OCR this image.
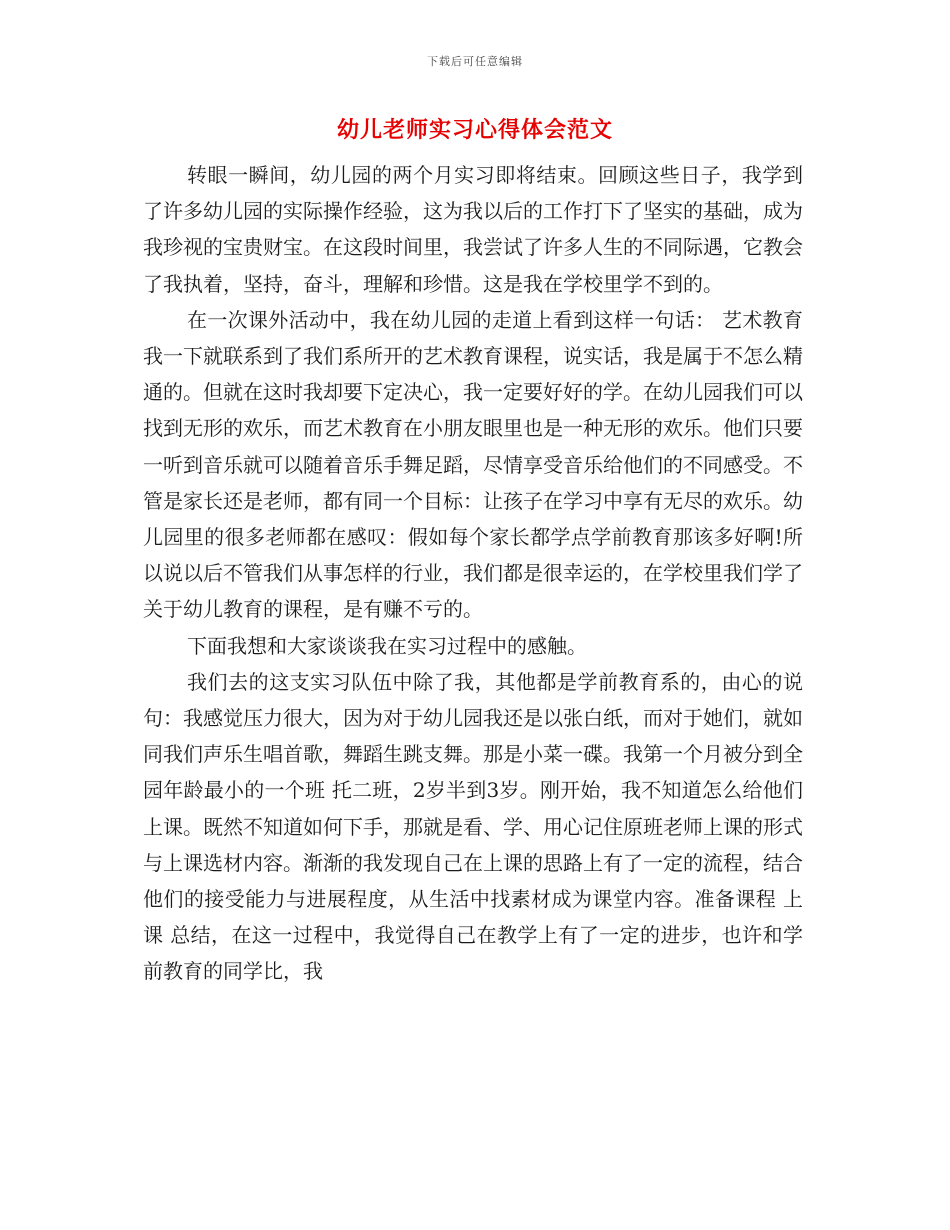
下载后可任意编辑
幼儿老师实习心得体会范文

转眼一瞬间，幼儿园的两个月实习即将结束。回顾这些日子，我学到了许多幼儿园的实际操作经验，这为我以后的工作打下了坚实的基础，成为我珍视的宝贵财宝。在这段时间里，我尝试了许多人生的不同际遇，它教会了我执着，坚持，奋斗，理解和珍惜。这是我在学校里学不到的。

在一次课外活动中，我在幼儿园的走道上看到这样一句话： 艺术教育 我一下就联系到了我们系所开的艺术教育课程，说实话，我是属于不怎么精通的。但就在这时我却要下定决心，我一定要好好的学。在幼儿园我们可以找到无形的欢乐，而艺术教育在小朋友眼里也是一种无形的欢乐。他们只要一听到音乐就可以随着音乐手舞足蹈，尽情享受音乐给他们的不同感受。不管是家长还是老师，都有同一个目标：让孩子在学习中享有无尽的欢乐。幼儿园里的很多老师都在感叹：假如每个家长都学点学前教育那该多好啊!所以说以后不管我们从事怎样的行业，我们都是很幸运的，在学校里我们学了关于幼儿教育的课程，是有赚不亏的。

下面我想和大家谈谈我在实习过程中的感触。

我们去的这支实习队伍中除了我，其他都是学前教育系的，由心的说句：我感觉压力很大，因为对于幼儿园我还是以张白纸，而对于她们，就如同我们声乐生唱首歌，舞蹈生跳支舞。那是小菜一碟。我第一个月被分到全园年龄最小的一个班 托二班，2岁半到3岁。刚开始，我不知道怎么给他们上课。既然不知道如何下手，那就是看、学、用心记住原班老师上课的形式与上课选材内容。渐渐的我发现自己在上课的思路上有了一定的流程，结合他们的接受能力与进展程度，从生活中找素材成为课堂内容。准备课程 上课 总结，在这一过程中，我觉得自己在教学上有了一定的进步，也许和学前教育的同学比，我
